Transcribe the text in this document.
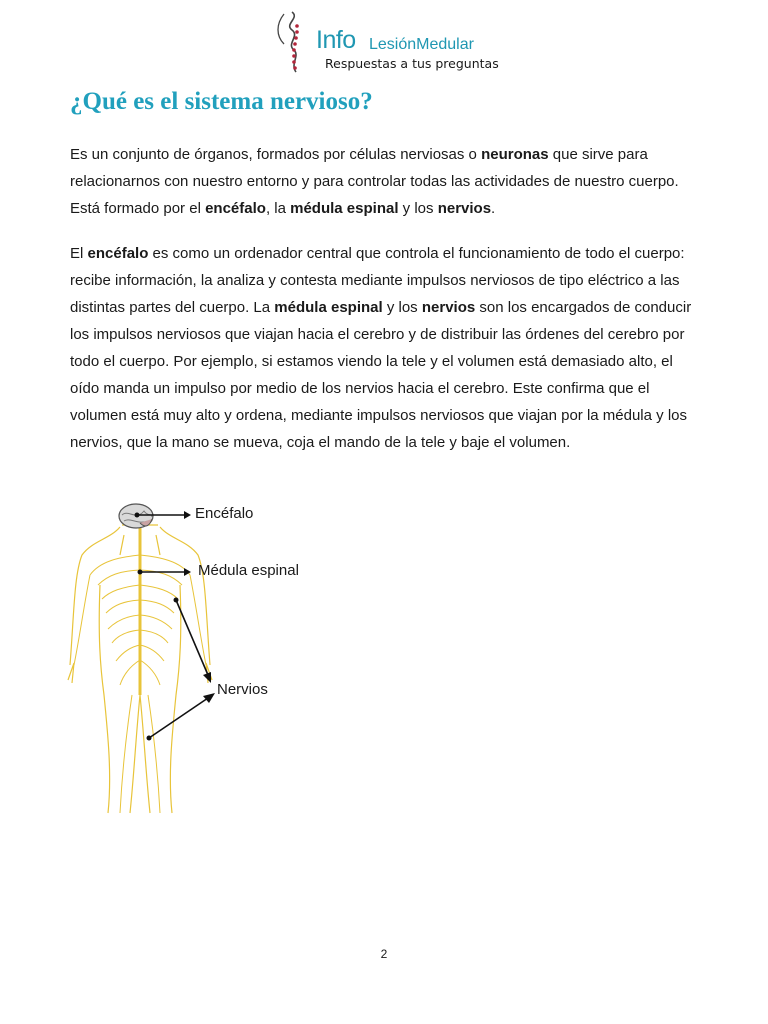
Info LesiónMedular
Respuestas a tus preguntas
¿Qué es el sistema nervioso?

Es un conjunto de órganos, formados por células nerviosas o neuronas que sirve para relacionarnos con nuestro entorno y para controlar todas las actividades de nuestro cuerpo. Está formado por el encéfalo, la médula espinal y los nervios.

El encéfalo es como un ordenador central que controla el funcionamiento de todo el cuerpo: recibe información, la analiza y contesta mediante impulsos nerviosos de tipo eléctrico a las distintas partes del cuerpo. La médula espinal y los nervios son los encargados de conducir los impulsos nerviosos que viajan hacia el cerebro y de distribuir las órdenes del cerebro por todo el cuerpo. Por ejemplo, si estamos viendo la tele y el volumen está demasiado alto, el oído manda un impulso por medio de los nervios hacia el cerebro. Este confirma que el volumen está muy alto y ordena, mediante impulsos nerviosos que viajan por la médula y los nervios, que la mano se mueva, coja el mando de la tele y baje el volumen.

Encéfalo
Médula espinal
Nervios
2
